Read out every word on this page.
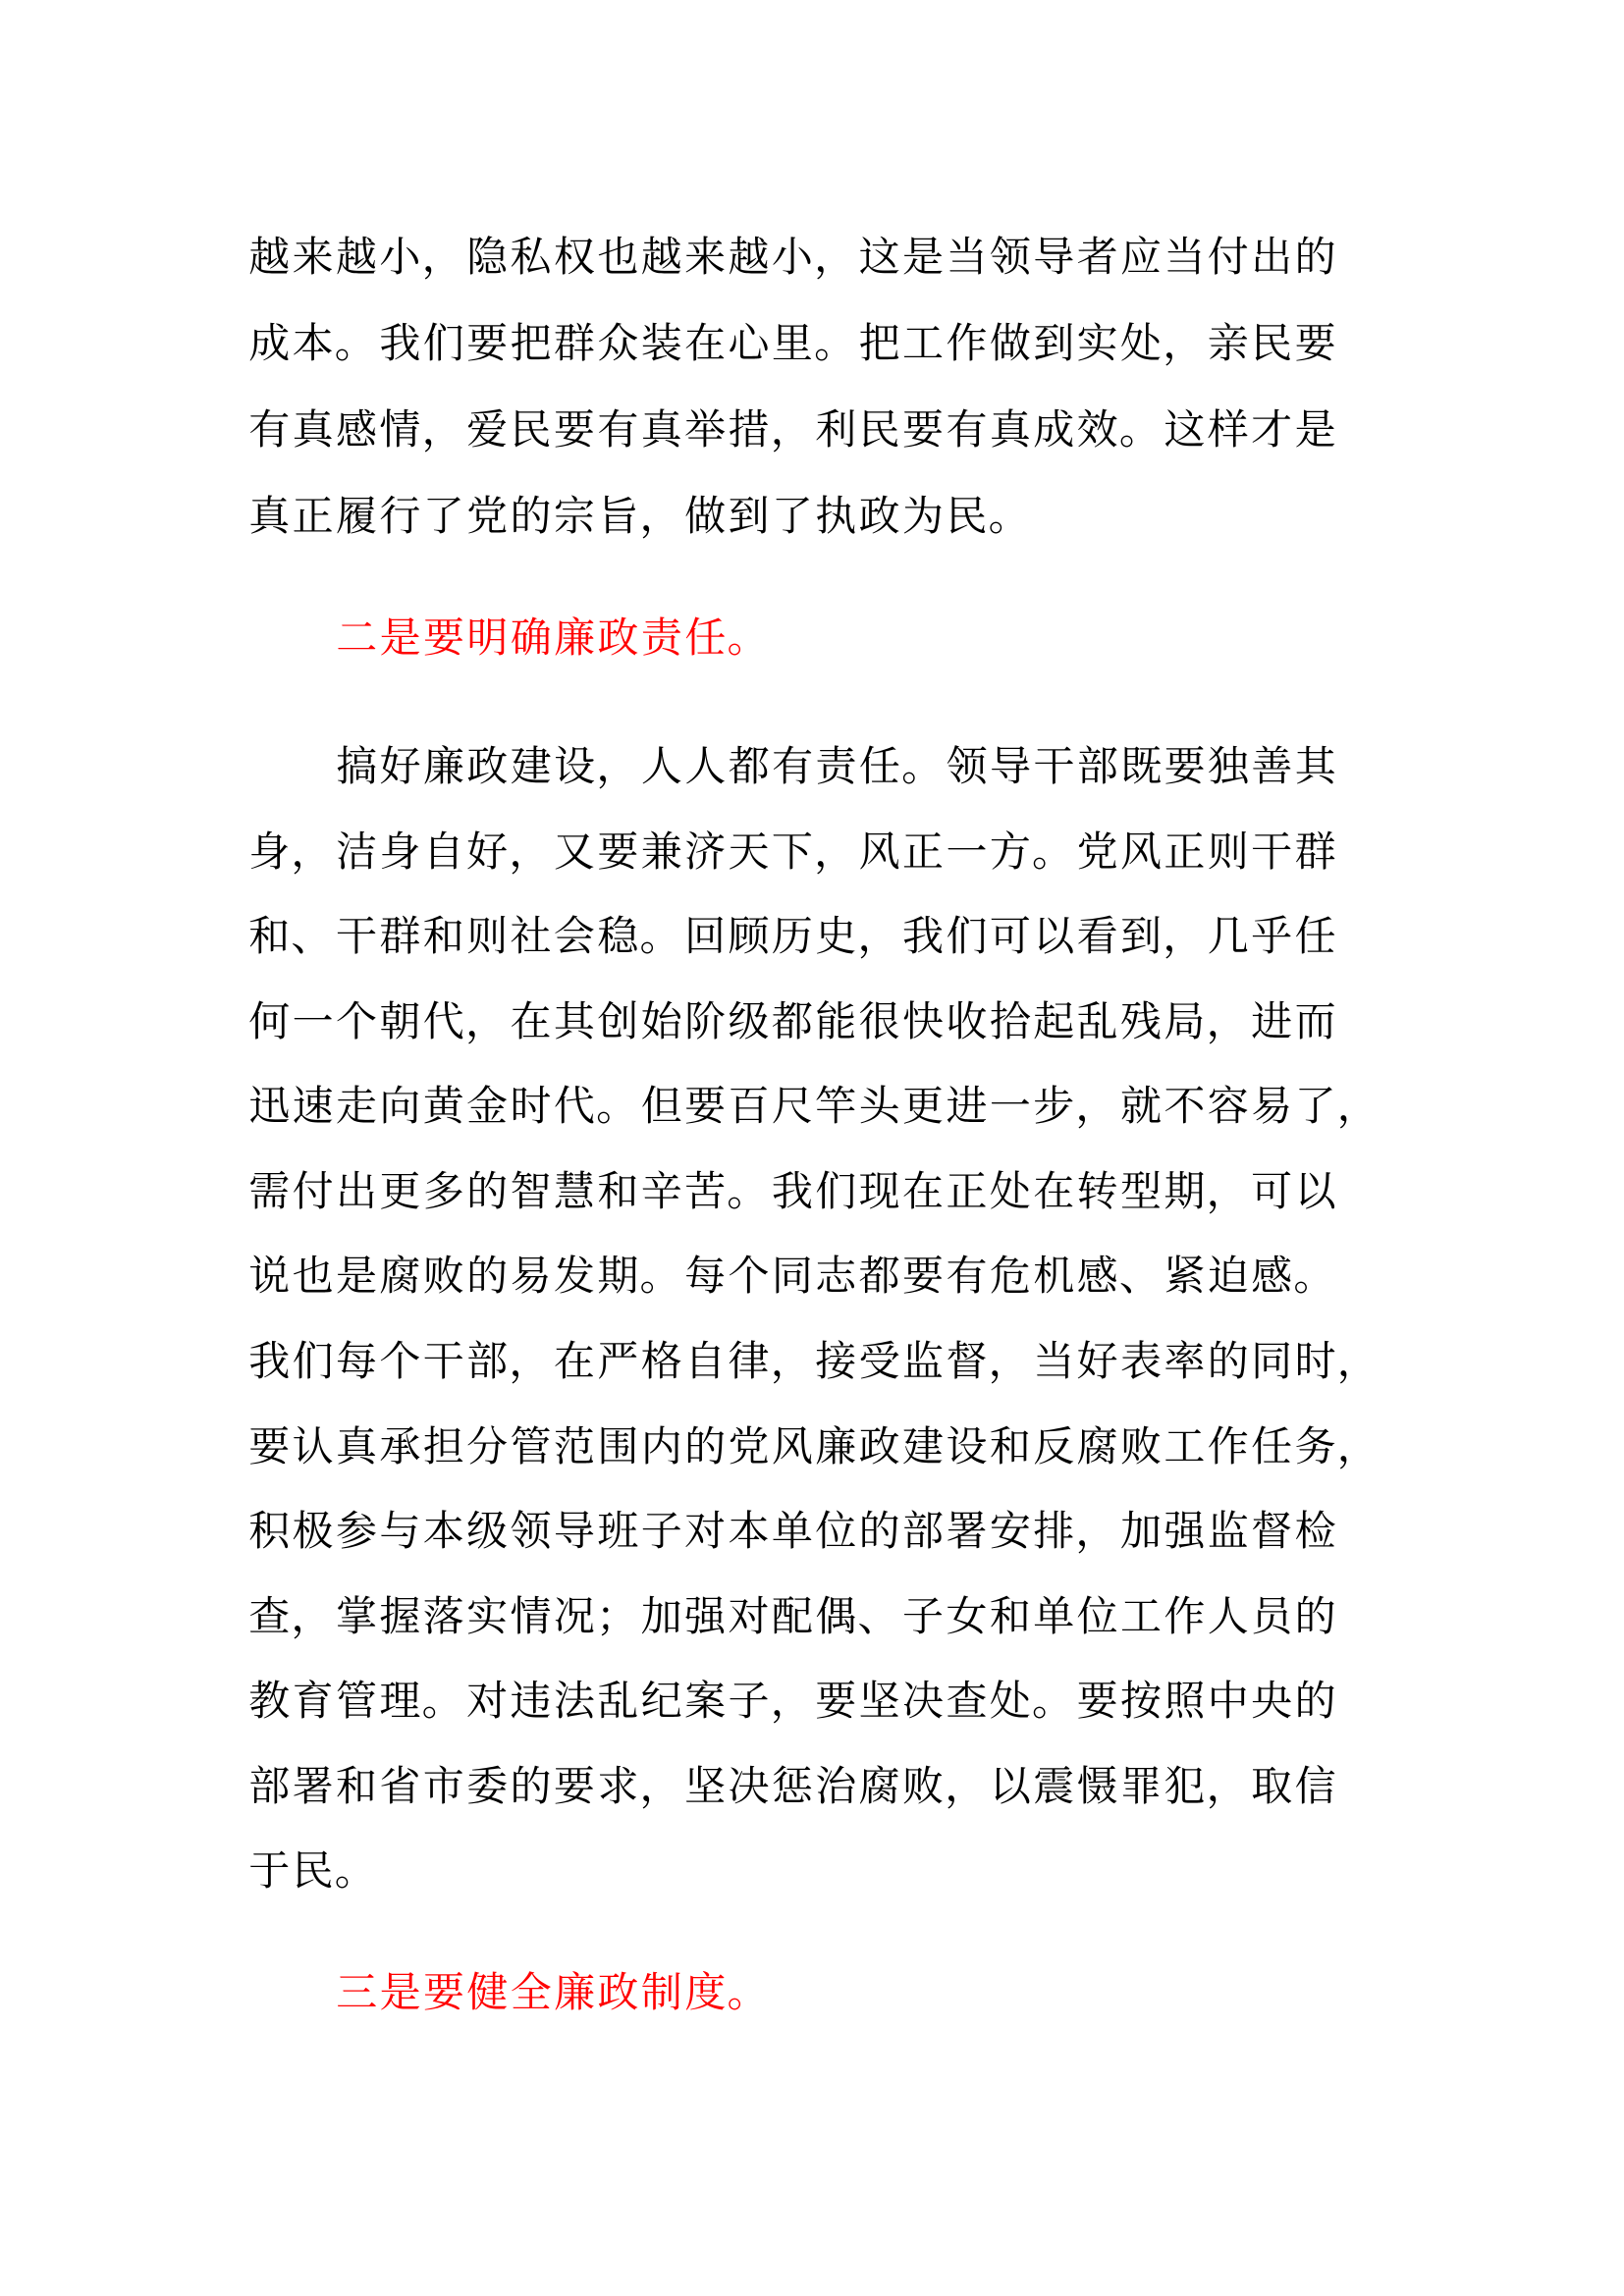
越 来 越 小 ， 隐 私 权 也 越 来 越 小 ， 这 是 当 领 导 者 应 当 付 出 的
成 本 。 我 们 要 把 群 众 装 在 心 里 。 把 工 作 做 到 实 处 ， 亲 民 要
有 真 感 情 ， 爱 民 要 有 真 举 措 ， 利 民 要 有 真 成 效 。 这 样 才 是
真 正 履 行 了 党 的 宗 旨 ， 做 到 了 执 政 为 民 。
二 是 要 明 确 廉 政 责 任 。
搞 好 廉 政 建 设 ， 人 人 都 有 责 任 。 领 导 干 部 既 要 独 善 其
身 ， 洁 身 自 好 ， 又 要 兼 济 天 下 ， 风 正 一 方 。 党 风 正 则 干 群
和 、 干 群 和 则 社 会 稳 。 回 顾 历 史 ， 我 们 可 以 看 到 ， 几 乎 任
何 一 个 朝 代 ， 在 其 创 始 阶 级 都 能 很 快 收 拾 起 乱 残 局 ， 进 而
迅 速 走 向 黄 金 时 代 。 但 要 百 尺 竿 头 更 进 一 步 ， 就 不 容 易 了 ，
需 付 出 更 多 的 智 慧 和 辛 苦 。 我 们 现 在 正 处 在 转 型 期 ， 可 以
说 也 是 腐 败 的 易 发 期 。 每 个 同 志 都 要 有 危 机 感 、 紧 迫 感 。
我 们 每 个 干 部 ， 在 严 格 自 律 ， 接 受 监 督 ， 当 好 表 率 的 同 时 ，
要 认 真 承 担 分 管 范 围 内 的 党 风 廉 政 建 设 和 反 腐 败 工 作 任 务 ，
积 极 参 与 本 级 领 导 班 子 对 本 单 位 的 部 署 安 排 ， 加 强 监 督 检
查 ， 掌 握 落 实 情 况 ； 加 强 对 配 偶 、 子 女 和 单 位 工 作 人 员 的
教 育 管 理 。 对 违 法 乱 纪 案 子 ， 要 坚 决 查 处 。 要 按 照 中 央 的
部 署 和 省 市 委 的 要 求 ， 坚 决 惩 治 腐 败 ， 以 震 慑 罪 犯 ， 取 信
于 民 。
三 是 要 健 全 廉 政 制 度 。
